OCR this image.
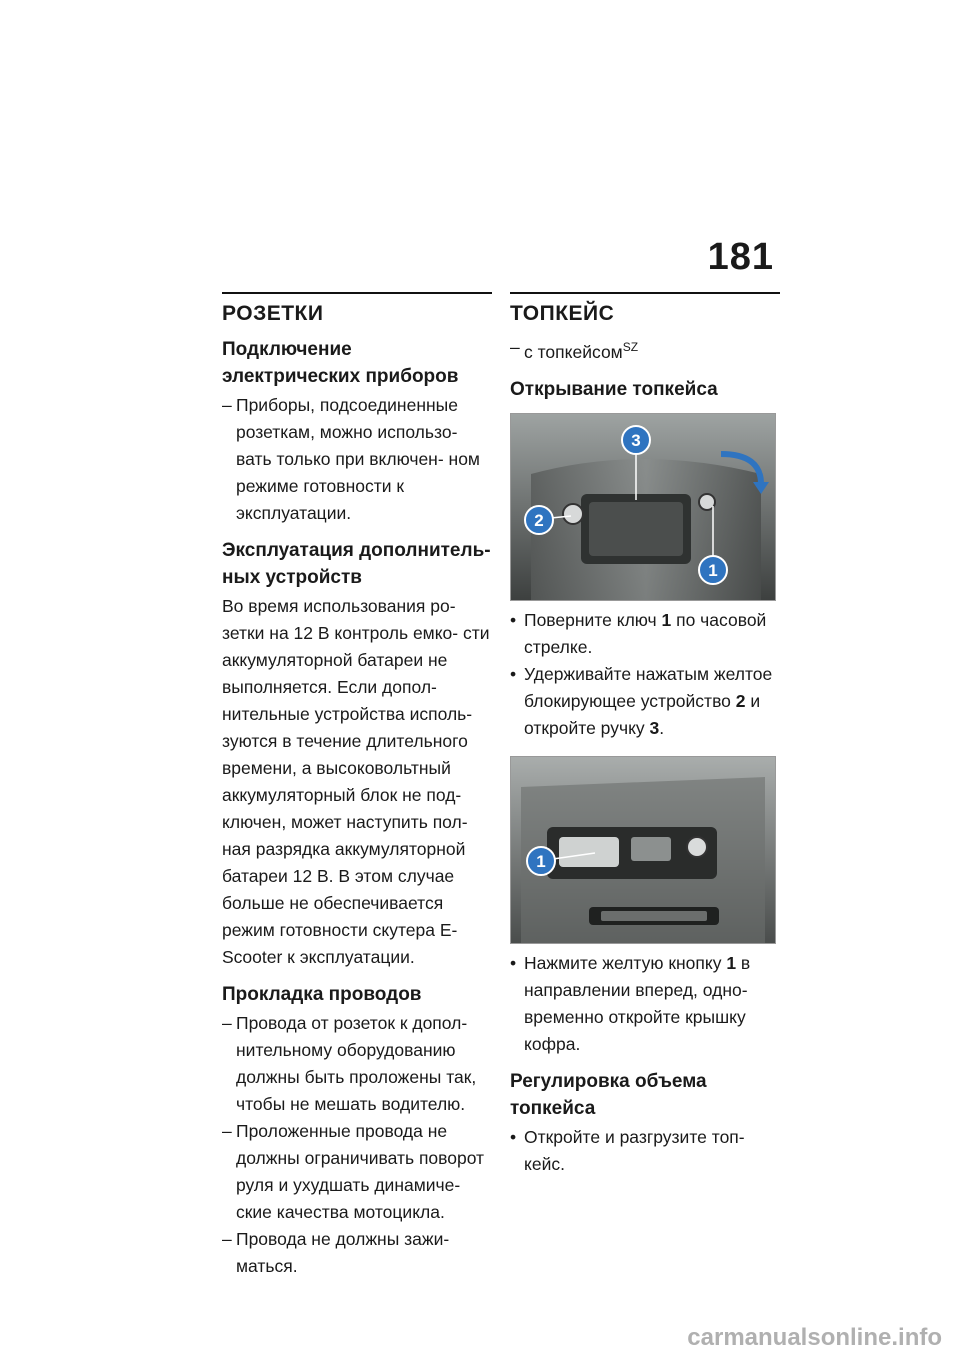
181
РОЗЕТКИ
Подключение электрических приборов
– Приборы, подсоединенные розеткам, можно использо- вать только при включен- ном режиме готовности к эксплуатации.
Эксплуатация дополнитель- ных устройств

Во время использования ро- зетки на 12 В контроль емко- сти аккумуляторной батареи не выполняется. Если допол- нительные устройства исполь- зуются в течение длительного времени, а высоковольтный аккумуляторный блок не под- ключен, может наступить пол- ная разрядка аккумуляторной батареи 12 В. В этом случае больше не обеспечивается режим готовности скутера E- Scooter к эксплуатации.

Прокладка проводов
– Провода от розеток к допол- нительному оборудованию должны быть проложены так, чтобы не мешать водителю.
– Проложенные провода не должны ограничивать поворот руля и ухудшать динамиче- ские качества мотоцикла.
– Провода не должны зажи- маться.
ТОПКЕЙС
– с топкейсом$^{SZ}$
Открывание топкейса
3
2
1
• Поверните ключ 1 по часовой стрелке.
• Удерживайте нажатым желтое блокирующее устройство 2 и откройте ручку 3.
1
• Нажмите желтую кнопку 1 в направлении вперед, одно- временно откройте крышку кофра.
Регулировка объема топкейса
• Откройте и разгрузите топ- кейс.
carmanualsonline.info
